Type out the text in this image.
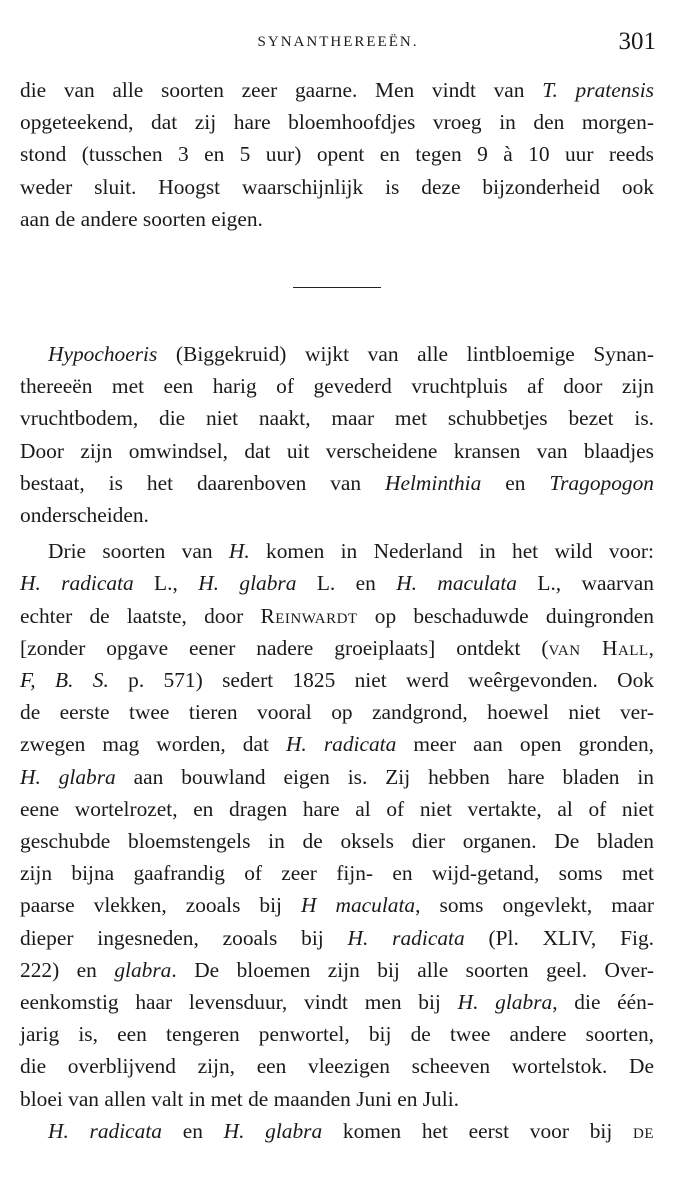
SYNANTHEREEËN.	301
die van alle soorten zeer gaarne. Men vindt van T. pratensis
opgeteekend, dat zij hare bloemhoofdjes vroeg in den morgen-
stond (tusschen 3 en 5 uur) opent en tegen 9 à 10 uur reeds
weder sluit. Hoogst waarschijnlijk is deze bijzonderheid ook
aan de andere soorten eigen.
Hypochoeris (Biggekruid) wijkt van alle lintbloemige Synan-
thereeën met een harig of gevederd vruchtpluis af door zijn
vruchtbodem, die niet naakt, maar met schubbetjes bezet is.
Door zijn omwindsel, dat uit verscheidene kransen van blaadjes
bestaat, is het daarenboven van Helminthia en Tragopogon
onderscheiden.
Drie soorten van H. komen in Nederland in het wild voor:
H. radicata L., H. glabra L. en H. maculata L., waarvan
echter de laatste, door Reinwardt op beschaduwde duingronden
[zonder opgave eener nadere groeiplaats] ontdekt (van Hall,
F, B. S. p. 571) sedert 1825 niet werd weêrgevonden. Ook
de eerste twee tieren vooral op zandgrond, hoewel niet ver-
zwegen mag worden, dat H. radicata meer aan open gronden,
H. glabra aan bouwland eigen is. Zij hebben hare bladen in
eene wortelrozet, en dragen hare al of niet vertakte, al of niet
geschubde bloemstengels in de oksels dier organen. De bladen
zijn bijna gaafrandig of zeer fijn- en wijd-getand, soms met
paarse vlekken, zooals bij H maculata, soms ongevlekt, maar
dieper ingesneden, zooals bij H. radicata (Pl. XLIV, Fig.
222) en glabra. De bloemen zijn bij alle soorten geel. Over-
eenkomstig haar levensduur, vindt men bij H. glabra, die één-
jarig is, een tengeren penwortel, bij de twee andere soorten,
die overblijvend zijn, een vleezigen scheeven wortelstok. De
bloei van allen valt in met de maanden Juni en Juli.
H. radicata en H. glabra komen het eerst voor bij de
